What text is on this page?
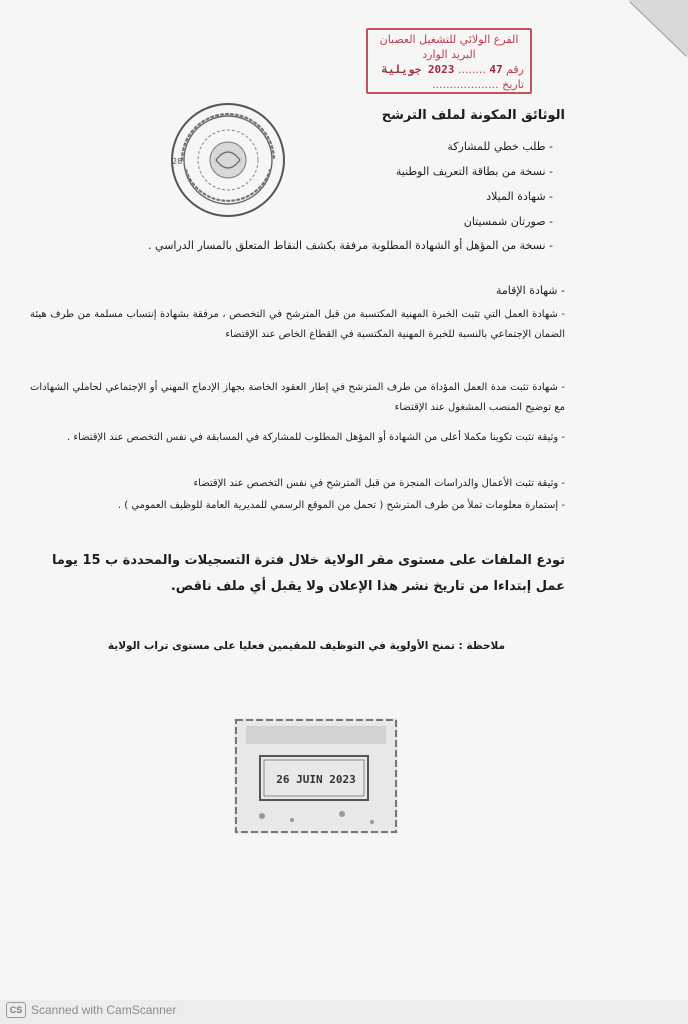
الفرع الولائي للتشغيل العصبان
البريد الوارد
رقم 47 ........ 2023 جويلية
تاريخ ...................
28
الوثائق المكونة لملف الترشح
- طلب خطي للمشاركة
- نسخة من بطاقة التعريف الوطنية
- شهادة الميلاد
- صورتان شمسيتان
- نسخة من المؤهل أو الشهادة المطلوبة مرفقة بكشف النقاط المتعلق بالمسار الدراسي .
- شهادة الإقامة
- شهادة العمل التي تثبت الخبرة المهنية المكتسبة من قبل المترشح في التخصص ، مرفقة بشهادة إنتساب مسلمة من طرف هيئة الضمان الإجتماعي بالنسبة للخبرة المهنية المكتسبة في القطاع الخاص عند الإقتضاء
- شهادة تثبت مدة العمل المؤداة من طرف المترشح في إطار العقود الخاصة بجهاز الإدماج المهني أو الإجتماعي لحاملي الشهادات مع توضيح المنصب المشغول عند الإقتضاء
- وثيقة تثبت تكوينا مكملا أعلى من الشهادة أو المؤهل المطلوب للمشاركة في المسابقة في نفس التخصص عند الإقتضاء .
- وثيقة تثبت الأعمال والدراسات المنجزة من قبل المترشح في نفس التخصص عند الإقتضاء
- إستمارة معلومات تملأ من طرف المترشح ( تحمل من الموقع الرسمي للمديرية العامة للوظيف العمومي ) .
تودع الملفات على مستوى مقر الولاية خلال فترة التسجيلات والمحددة ب 15 يوما عمل إبتداءا من تاريخ نشر هذا الإعلان ولا يقبل أي ملف ناقص.
ملاحظة : تمنح الأولوية في التوظيف للمقيمين فعليا على مستوى تراب الولاية
26 JUIN 2023
CS Scanned with CamScanner
